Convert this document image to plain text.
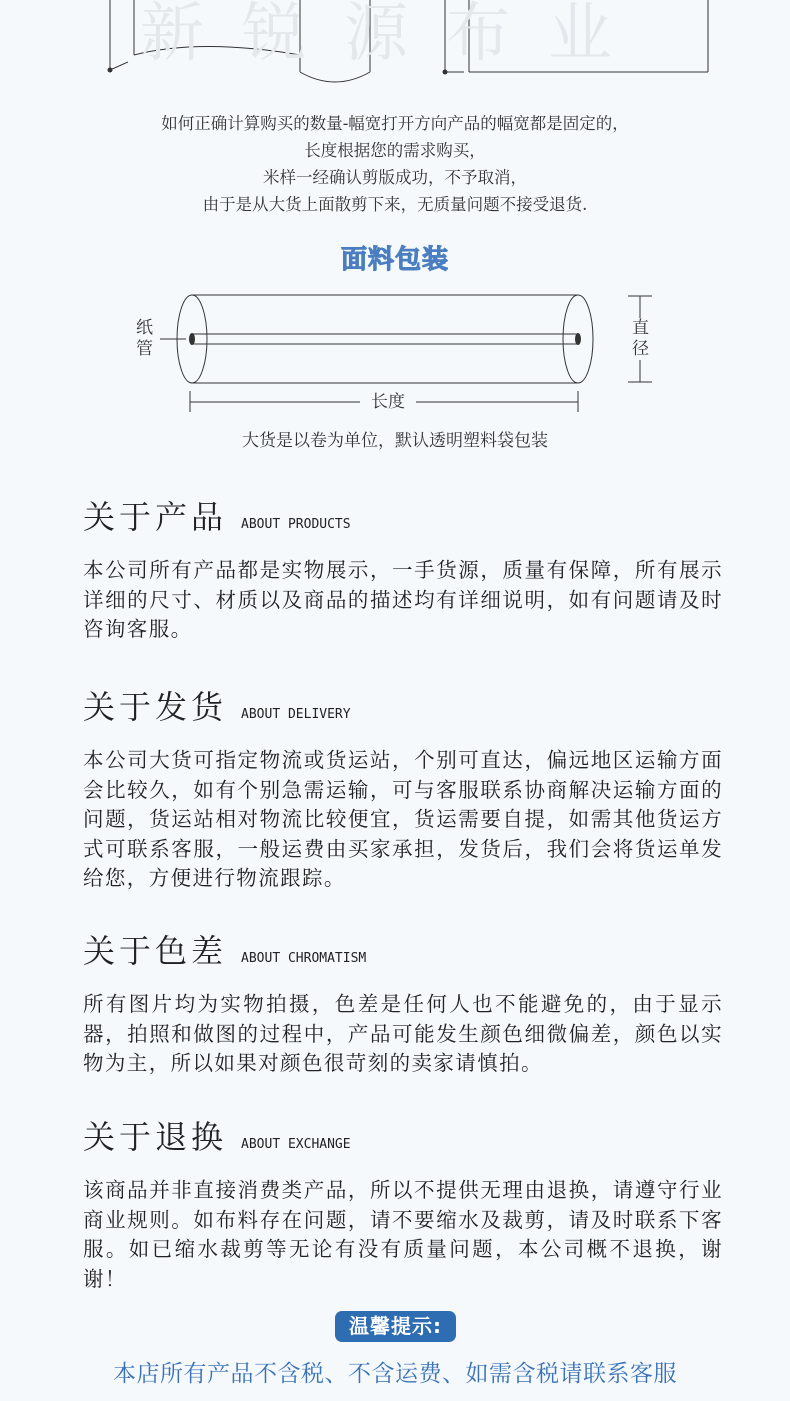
新锐源布业
如何正确计算购买的数量-幅宽打开方向产品的幅宽都是固定的，
长度根据您的需求购买，
米样一经确认剪版成功，不予取消，
由于是从大货上面散剪下来，无质量问题不接受退货.
面料包装
纸
管
直
径
长度
大货是以卷为单位，默认透明塑料袋包装
关于产品 ABOUT PRODUCTS
本公司所有产品都是实物展示，一手货源，质量有保障，所有展示详细的尺寸、材质以及商品的描述均有详细说明，如有问题请及时咨询客服。
关于发货 ABOUT DELIVERY
本公司大货可指定物流或货运站，个别可直达，偏远地区运输方面会比较久，如有个别急需运输，可与客服联系协商解决运输方面的问题，货运站相对物流比较便宜，货运需要自提，如需其他货运方式可联系客服，一般运费由买家承担，发货后，我们会将货运单发给您，方便进行物流跟踪。
关于色差 ABOUT CHROMATISM
所有图片均为实物拍摄，色差是任何人也不能避免的，由于显示器，拍照和做图的过程中，产品可能发生颜色细微偏差，颜色以实物为主，所以如果对颜色很苛刻的卖家请慎拍。
关于退换 ABOUT EXCHANGE
该商品并非直接消费类产品，所以不提供无理由退换，请遵守行业商业规则。如布料存在问题，请不要缩水及裁剪，请及时联系下客服。如已缩水裁剪等无论有没有质量问题，本公司概不退换，谢谢！
温馨提示:
本店所有产品不含税、不含运费、如需含税请联系客服
